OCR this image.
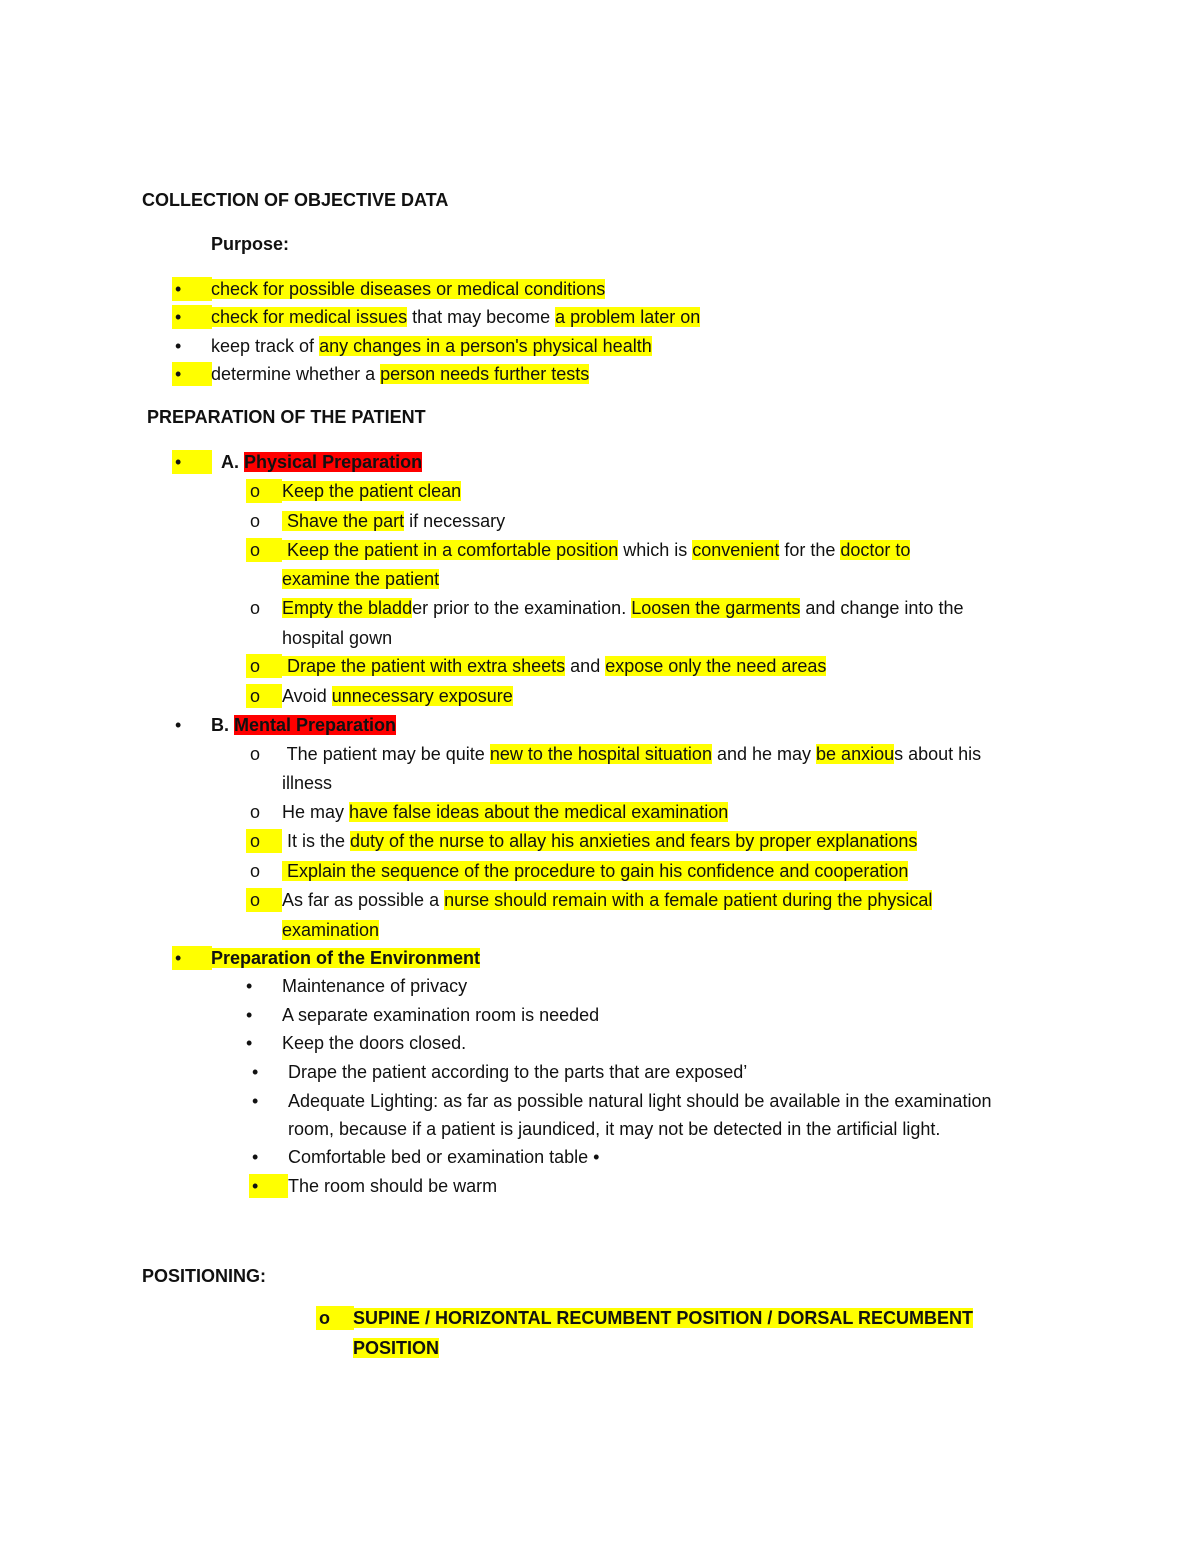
COLLECTION OF OBJECTIVE DATA
Purpose:
• check for possible diseases or medical conditions
• check for medical issues that may become a problem later on
• keep track of any changes in a person's physical health
• determine whether a person needs further tests
PREPARATION OF THE PATIENT
• A. Physical Preparation
o Keep the patient clean
o Shave the part if necessary
o Keep the patient in a comfortable position which is convenient for the doctor to
examine the patient
o Empty the bladder prior to the examination. Loosen the garments and change into the
hospital gown
o Drape the patient with extra sheets and expose only the need areas
o Avoid unnecessary exposure
• B. Mental Preparation
o The patient may be quite new to the hospital situation and he may be anxious about his
illness
o He may have false ideas about the medical examination
o It is the duty of the nurse to allay his anxieties and fears by proper explanations
o Explain the sequence of the procedure to gain his confidence and cooperation
o As far as possible a nurse should remain with a female patient during the physical
examination
• Preparation of the Environment
• Maintenance of privacy
• A separate examination room is needed
• Keep the doors closed.
• Drape the patient according to the parts that are exposed’
• Adequate Lighting: as far as possible natural light should be available in the examination
room, because if a patient is jaundiced, it may not be detected in the artificial light.
• Comfortable bed or examination table •
• The room should be warm
POSITIONING:
o SUPINE / HORIZONTAL RECUMBENT POSITION / DORSAL RECUMBENT
POSITION
